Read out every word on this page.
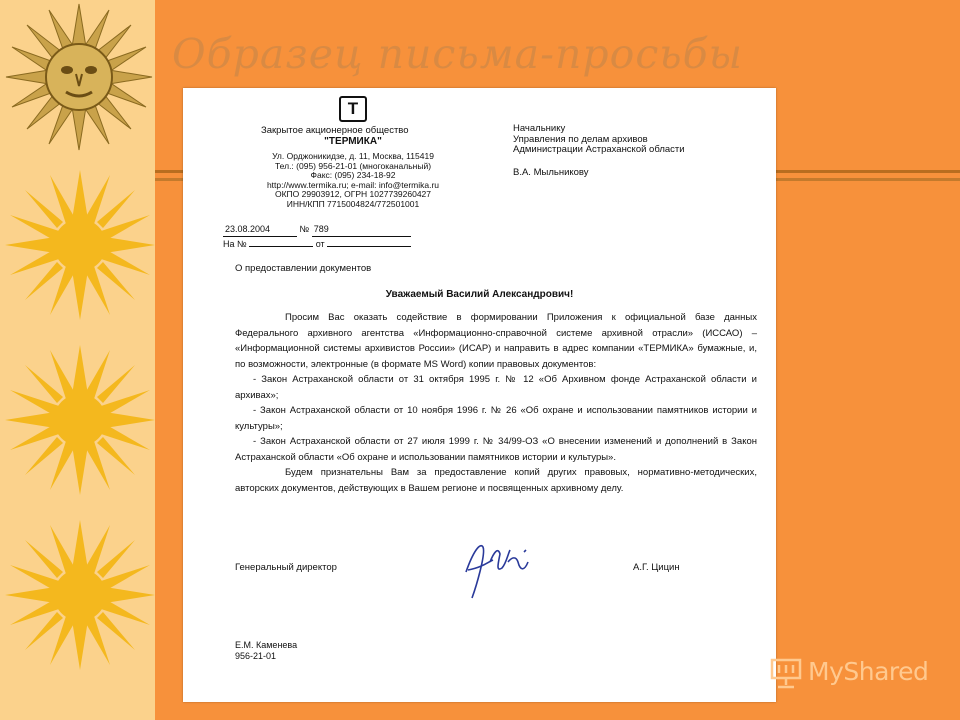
Образец письма-просьбы
Т
Закрытое акционерное общество
"ТЕРМИКА"
Ул. Орджоникидзе, д. 11, Москва, 115419
Тел.: (095) 956-21-01 (многоканальный)
Факс: (095) 234-18-92
http://www.termika.ru; e-mail: info@termika.ru
ОКПО 29903912, ОГРН 1027739260427
ИНН/КПП 7715004824/772501001
Начальнику
Управления по делам архивов
Администрации Астраханской области
В.А. Мыльникову
23.08.2004	№ 789
На №	от
О предоставлении документов
Уважаемый Василий Александрович!

Просим Вас оказать содействие в формировании Приложения к официальной базе данных Федерального архивного агентства «Информационно-справочной системе архивной отрасли» (ИССАО) – «Информационной системы архивистов России» (ИСАР) и направить в адрес компании «ТЕРМИКА» бумажные, и, по возможности, электронные (в формате MS Word) копии правовых документов:

- Закон Астраханской области от 31 октября 1995 г. № 12 «Об Архивном фонде Астраханской области и архивах»;

- Закон Астраханской области от 10 ноября 1996 г. № 26 «Об охране и использовании памятников истории и культуры»;

- Закон Астраханской области от 27 июля 1999 г. № 34/99-ОЗ «О внесении изменений и дополнений в Закон Астраханской области «Об охране и использовании памятников истории и культуры».

Будем признательны Вам за предоставление копий других правовых, нормативно-методических, авторских документов, действующих в Вашем регионе и посвященных архивному делу.

Генеральный директор	А.Г. Цицин
Е.М. Каменева
956-21-01
MyShared
